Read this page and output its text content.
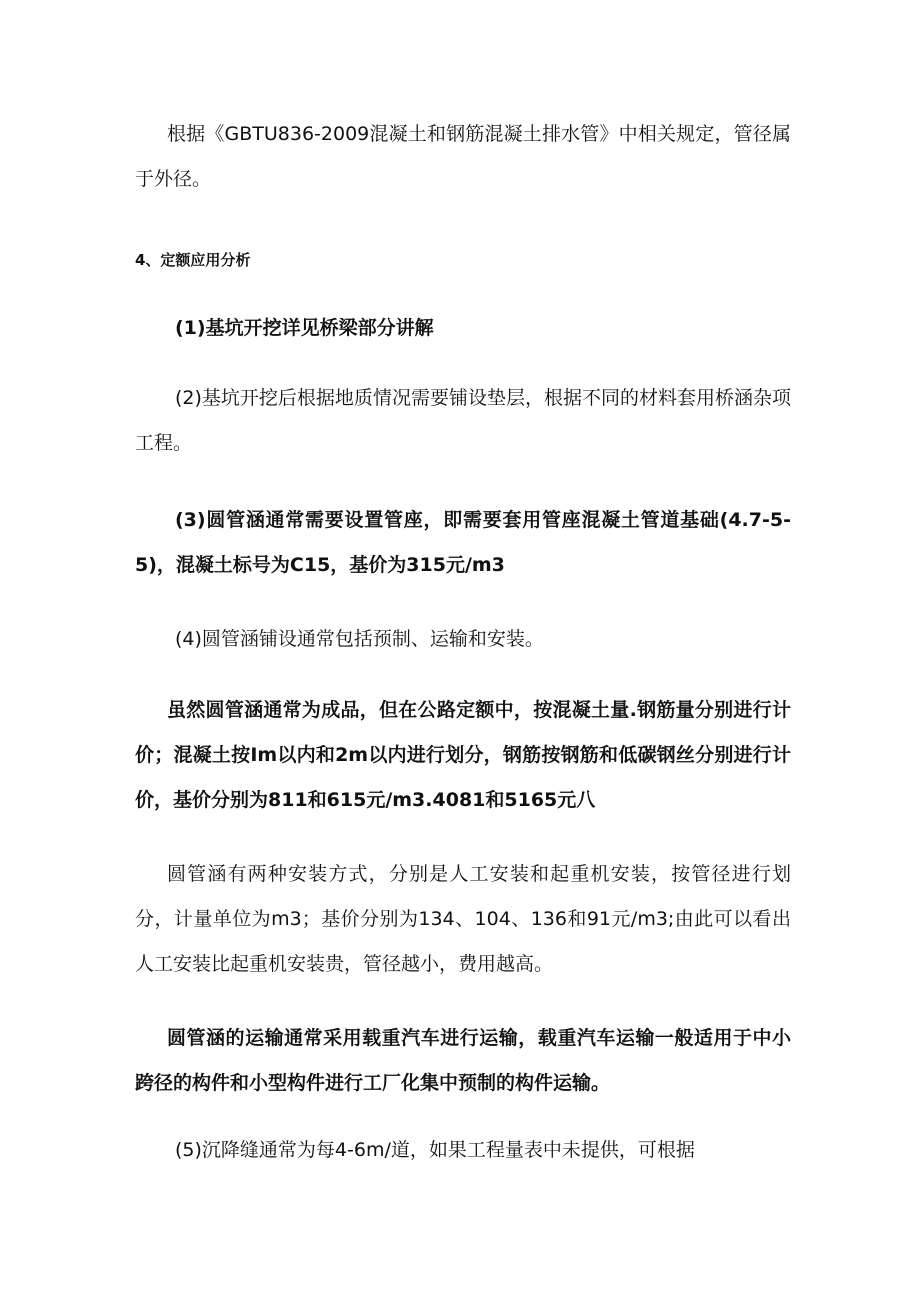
根据《GBTU836-2009混凝土和钢筋混凝土排水管》中相关规定，管径属于外径。

4、定额应用分析

(1)基坑开挖详见桥梁部分讲解

(2)基坑开挖后根据地质情况需要铺设垫层，根据不同的材料套用桥涵杂项工程。

(3)圆管涵通常需要设置管座，即需要套用管座混凝土管道基础(4.7-5-5)，混凝土标号为C15，基价为315元/m3

(4)圆管涵铺设通常包括预制、运输和安装。

虽然圆管涵通常为成品，但在公路定额中，按混凝土量.钢筋量分别进行计价；混凝土按Im以内和2m以内进行划分，钢筋按钢筋和低碳钢丝分别进行计价，基价分别为811和615元/m3.4081和5165元八

圆管涵有两种安装方式，分别是人工安装和起重机安装，按管径进行划分，计量单位为m3；基价分别为134、104、136和91元/m3;由此可以看出人工安装比起重机安装贵，管径越小，费用越高。

圆管涵的运输通常采用载重汽车进行运输，载重汽车运输一般适用于中小跨径的构件和小型构件进行工厂化集中预制的构件运输。

(5)沉降缝通常为每4-6m/道，如果工程量表中未提供，可根据
